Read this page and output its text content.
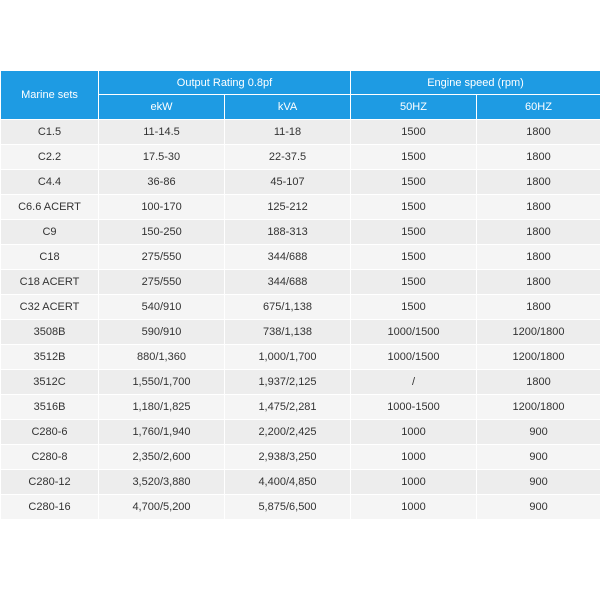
Marine sets	Output Rating 0.8pf		Engine speed (rpm)	
	ekW	kVA	50HZ	60HZ
C1.5	11-14.5	11-18	1500	1800
C2.2	17.5-30	22-37.5	1500	1800
C4.4	36-86	45-107	1500	1800
C6.6 ACERT	100-170	125-212	1500	1800
C9	150-250	188-313	1500	1800
C18	275/550	344/688	1500	1800
C18 ACERT	275/550	344/688	1500	1800
C32 ACERT	540/910	675/1,138	1500	1800
3508B	590/910	738/1,138	1000/1500	1200/1800
3512B	880/1,360	1,000/1,700	1000/1500	1200/1800
3512C	1,550/1,700	1,937/2,125	/	1800
3516B	1,180/1,825	1,475/2,281	1000-1500	1200/1800
C280-6	1,760/1,940	2,200/2,425	1000	900
C280-8	2,350/2,600	2,938/3,250	1000	900
C280-12	3,520/3,880	4,400/4,850	1000	900
C280-16	4,700/5,200	5,875/6,500	1000	900
